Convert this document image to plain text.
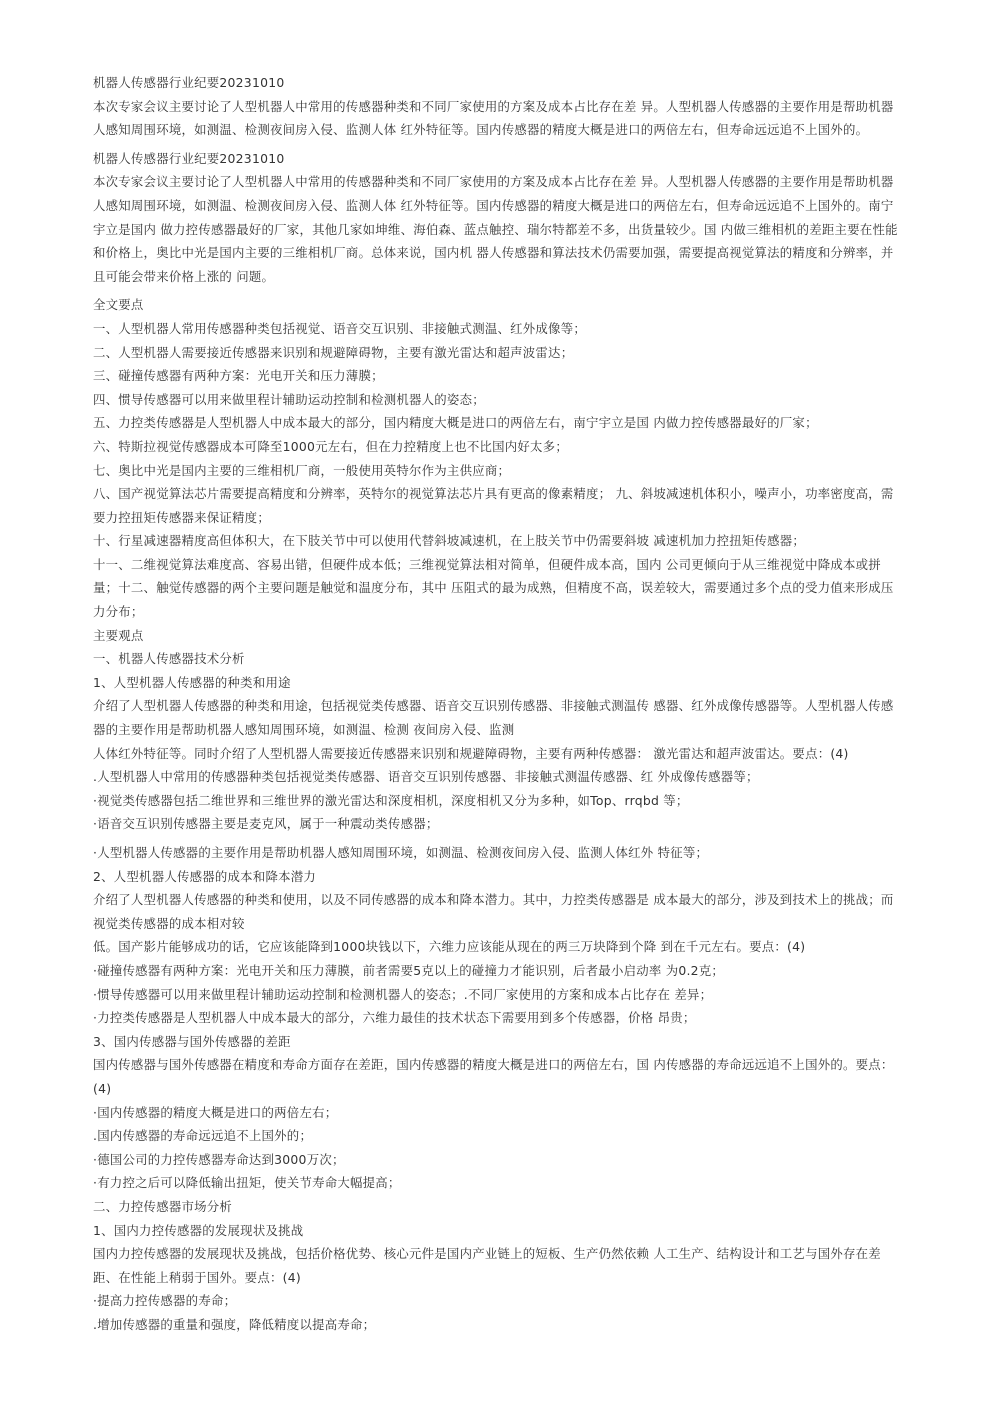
机器人传感器行业纪要20231010
本次专家会议主要讨论了人型机器人中常用的传感器种类和不同厂家使用的方案及成本占比存在差 异。人型机器人传感器的主要作用是帮助机器
人感知周围环境，如测温、检测夜间房入侵、监测人体 红外特征等。国内传感器的精度大概是进口的两倍左右，但寿命远远追不上国外的。
机器人传感器行业纪要20231010
本次专家会议主要讨论了人型机器人中常用的传感器种类和不同厂家使用的方案及成本占比存在差 异。人型机器人传感器的主要作用是帮助机器
人感知周围环境，如测温、检测夜间房入侵、监测人体 红外特征等。国内传感器的精度大概是进口的两倍左右，但寿命远远追不上国外的。南宁
宇立是国内 做力控传感器最好的厂家，其他几家如坤维、海伯森、蓝点触控、瑞尔特都差不多，出货量较少。国 内做三维相机的差距主要在性能
和价格上，奥比中光是国内主要的三维相机厂商。总体来说，国内机 器人传感器和算法技术仍需要加强，需要提高视觉算法的精度和分辨率，并
且可能会带来价格上涨的 问题。
全文要点
一、人型机器人常用传感器种类包括视觉、语音交互识别、非接触式测温、红外成像等；
二、人型机器人需要接近传感器来识别和规避障碍物，主要有激光雷达和超声波雷达；
三、碰撞传感器有两种方案：光电开关和压力薄膜；
四、惯导传感器可以用来做里程计辅助运动控制和检测机器人的姿态；
五、力控类传感器是人型机器人中成本最大的部分，国内精度大概是进口的两倍左右，南宁宇立是国 内做力控传感器最好的厂家；
六、特斯拉视觉传感器成本可降至1000元左右，但在力控精度上也不比国内好太多；
七、奥比中光是国内主要的三维相机厂商，一般使用英特尔作为主供应商；
八、国产视觉算法芯片需要提高精度和分辨率，英特尔的视觉算法芯片具有更高的像素精度； 九、斜坡减速机体积小，噪声小，功率密度高，需
要力控扭矩传感器来保证精度；
十、行星减速器精度高但体积大，在下肢关节中可以使用代替斜坡减速机，在上肢关节中仍需要斜坡 减速机加力控扭矩传感器；
十一、二维视觉算法难度高、容易出错，但硬件成本低；三维视觉算法相对简单，但硬件成本高，国内 公司更倾向于从三维视觉中降成本或拼
量；十二、触觉传感器的两个主要问题是触觉和温度分布，其中 压阻式的最为成熟，但精度不高，误差较大，需要通过多个点的受力值来形成压
力分布；
主要观点
一、机器人传感器技术分析
1、人型机器人传感器的种类和用途
介绍了人型机器人传感器的种类和用途，包括视觉类传感器、语音交互识别传感器、非接触式测温传 感器、红外成像传感器等。人型机器人传感
器的主要作用是帮助机器人感知周围环境，如测温、检测 夜间房入侵、监测
人体红外特征等。同时介绍了人型机器人需要接近传感器来识别和规避障碍物，主要有两种传感器： 激光雷达和超声波雷达。要点：(4)
.人型机器人中常用的传感器种类包括视觉类传感器、语音交互识别传感器、非接触式测温传感器、红 外成像传感器等；
·视觉类传感器包括二维世界和三维世界的激光雷达和深度相机，深度相机又分为多种，如Top、rrqbd 等；
·语音交互识别传感器主要是麦克风，属于一种震动类传感器；
·人型机器人传感器的主要作用是帮助机器人感知周围环境，如测温、检测夜间房入侵、监测人体红外 特征等；
2、人型机器人传感器的成本和降本潜力
介绍了人型机器人传感器的种类和使用，以及不同传感器的成本和降本潜力。其中，力控类传感器是 成本最大的部分，涉及到技术上的挑战；而
视觉类传感器的成本相对较
低。国产影片能够成功的话，它应该能降到1000块钱以下，六维力应该能从现在的两三万块降到个降 到在千元左右。要点：(4)
·碰撞传感器有两种方案：光电开关和压力薄膜，前者需要5克以上的碰撞力才能识别，后者最小启动率 为0.2克；
·惯导传感器可以用来做里程计辅助运动控制和检测机器人的姿态；.不同厂家使用的方案和成本占比存在 差异；
·力控类传感器是人型机器人中成本最大的部分，六维力最佳的技术状态下需要用到多个传感器，价格 昂贵；
3、国内传感器与国外传感器的差距
国内传感器与国外传感器在精度和寿命方面存在差距，国内传感器的精度大概是进口的两倍左右，国 内传感器的寿命远远追不上国外的。要点：
(4)
·国内传感器的精度大概是进口的两倍左右；
.国内传感器的寿命远远追不上国外的；
·德国公司的力控传感器寿命达到3000万次；
·有力控之后可以降低输出扭矩，使关节寿命大幅提高；
二、力控传感器市场分析
1、国内力控传感器的发展现状及挑战
国内力控传感器的发展现状及挑战，包括价格优势、核心元件是国内产业链上的短板、生产仍然依赖 人工生产、结构设计和工艺与国外存在差
距、在性能上稍弱于国外。要点：(4)
·提高力控传感器的寿命；
.增加传感器的重量和强度，降低精度以提高寿命；
